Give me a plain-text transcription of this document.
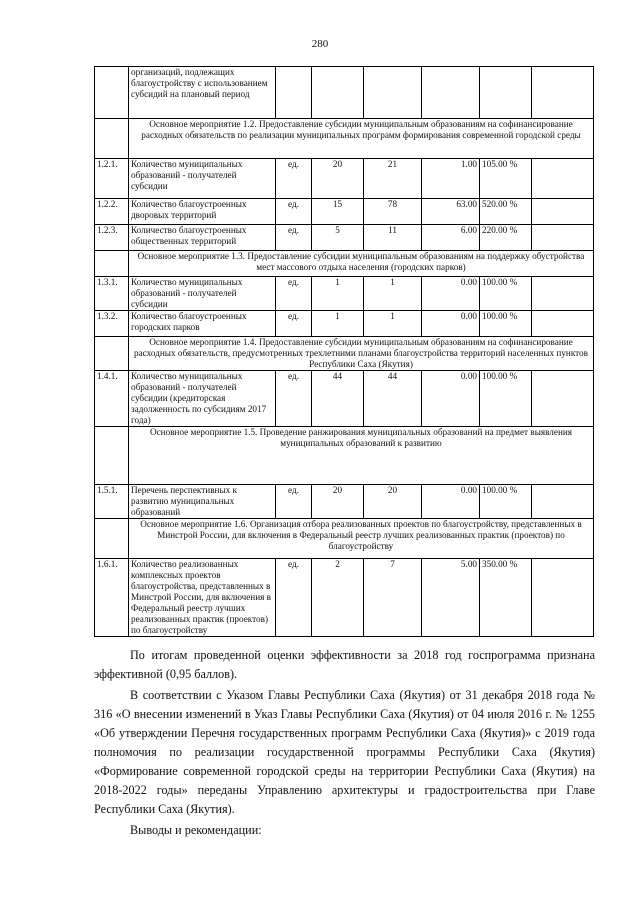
280
	организаций, подлежащих благоустройству с использованием субсидий на плановый период						
	Основное мероприятие 1.2. Предоставление субсидии муниципальным образованиям на софинансирование расходных обязательств по реализации муниципальных программ формирования современной городской среды						
1.2.1.	Количество муниципальных образований - получателей субсидии	ед.	20	21	1.00	105.00 %	
1.2.2.	Количество благоустроенных дворовых территорий	ед.	15	78	63.00	520.00 %	
1.2.3.	Количество благоустроенных общественных территорий	ед.	5	11	6.00	220.00 %	
	Основное мероприятие 1.3. Предоставление субсидии муниципальным образованиям на поддержку обустройства мест массового отдыха населения (городских парков)						
1.3.1.	Количество муниципальных образований - получателей субсидии	ед.	1	1	0.00	100.00 %	
1.3.2.	Количество благоустроенных городских парков	ед.	1	1	0.00	100.00 %	
	Основное мероприятие 1.4. Предоставление субсидии муниципальным образованиям на софинансирование расходных обязательств, предусмотренных трехлетними планами благоустройства территорий населенных пунктов Республики Саха (Якутия)						
1.4.1.	Количество муниципальных образований - получателей субсидии (кредиторская задолженность по субсидиям 2017 года)	ед.	44	44	0.00	100.00 %	
	Основное мероприятие 1.5. Проведение ранжирования муниципальных образований на предмет выявления муниципальных образований к развитию						
1.5.1.	Перечень перспективных к развитию муниципальных образований	ед.	20	20	0.00	100.00 %	
	Основное мероприятие 1.6. Организация отбора реализованных проектов по благоустройству, представленных в Минстрой России, для включения в Федеральный реестр лучших реализованных практик (проектов) по благоустройству						
1.6.1.	Количество реализованных комплексных проектов благоустройства, представленных в Минстрой России, для включения в Федеральный реестр лучших реализованных практик (проектов) по благоустройству	ед.	2	7	5.00	350.00 %	

По итогам проведенной оценки эффективности за 2018 год госпрограмма признана эффективной (0,95 баллов).

В соответствии с Указом Главы Республики Саха (Якутия) от 31 декабря 2018 года № 316 «О внесении изменений в Указ Главы Республики Саха (Якутия) от 04 июля 2016 г. № 1255 «Об утверждении Перечня государственных программ Республики Саха (Якутия)» с 2019 года полномочия по реализации государственной программы Республики Саха (Якутия) «Формирование современной городской среды на территории Республики Саха (Якутия) на 2018-2022 годы» переданы Управлению архитектуры и градостроительства при Главе Республики Саха (Якутия).

Выводы и рекомендации:
